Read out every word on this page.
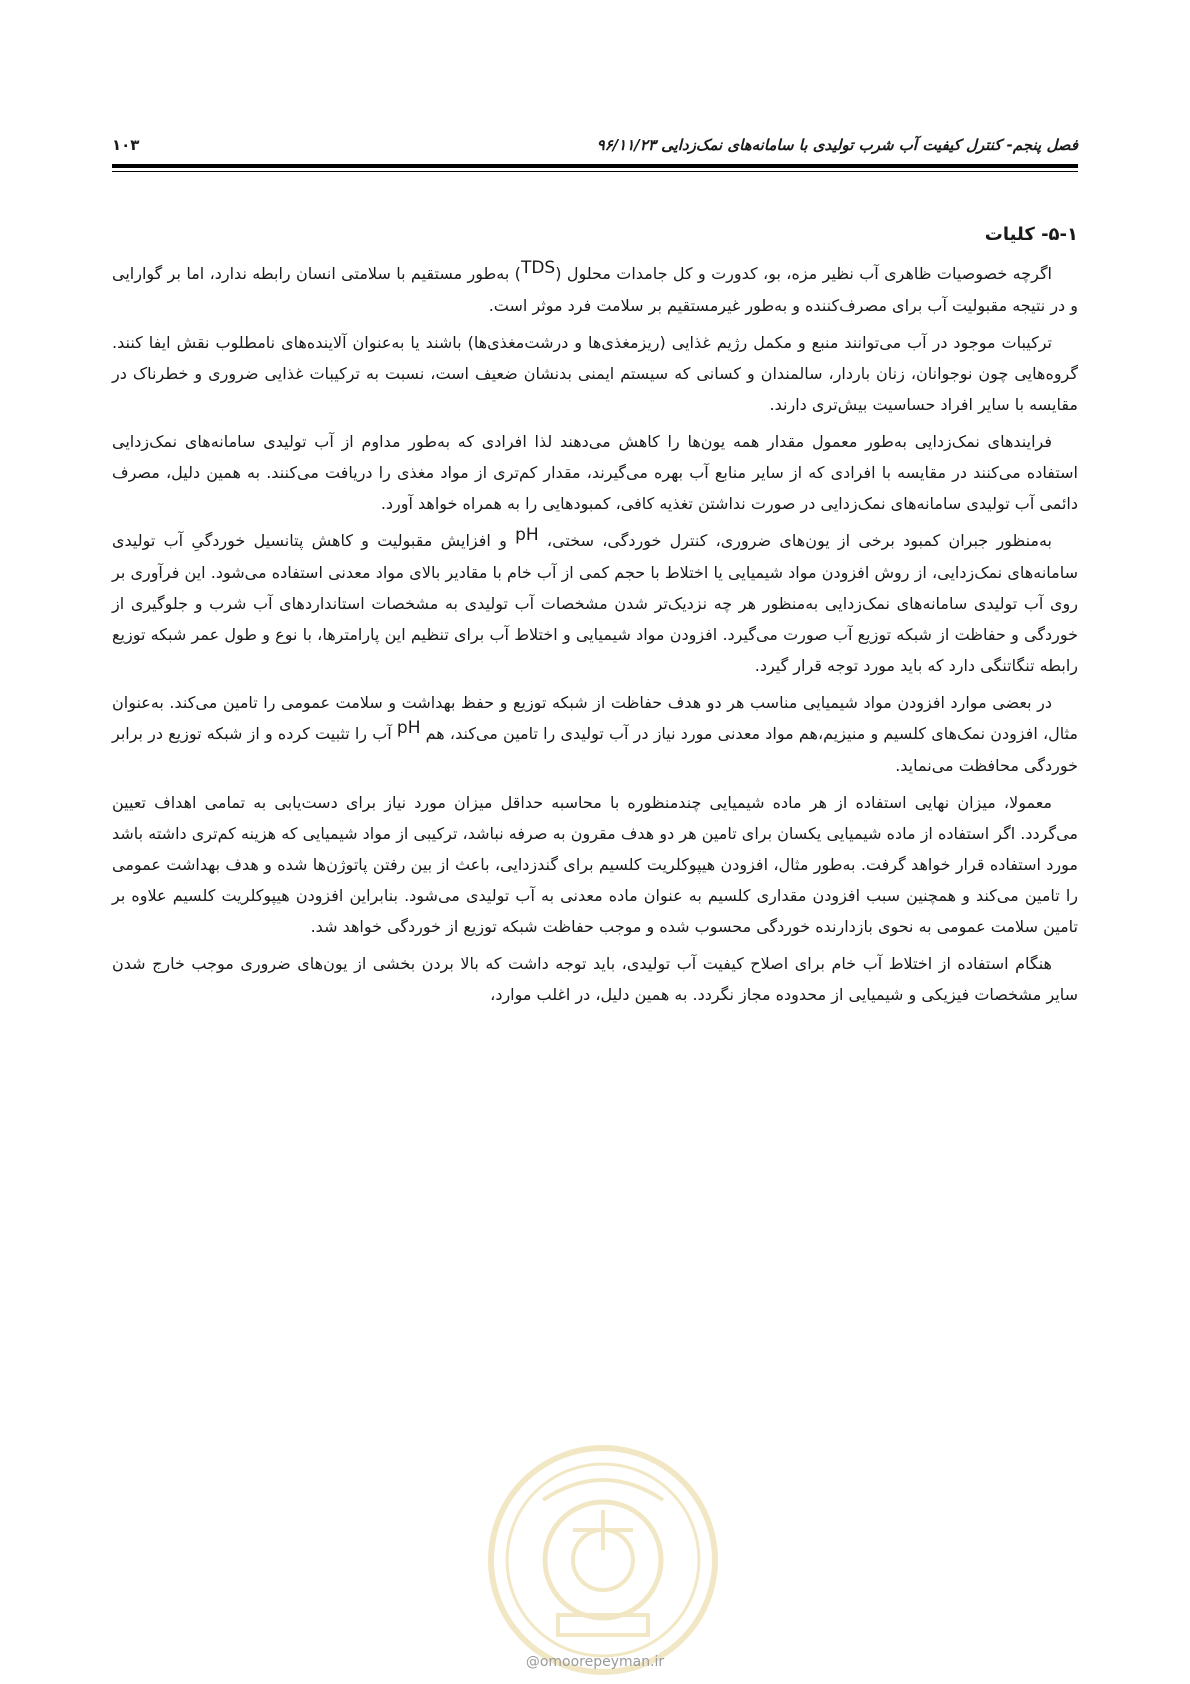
فصل پنجم- کنترل کیفیت آب شرب تولیدی با سامانه‌های نمک‌زدایی ۹۶/۱۱/۲۳
۱۰۳
۵-۱- کلیات

اگرچه خصوصیات ظاهری آب نظیر مزه، بو، کدورت و کل جامدات محلول (TDS) به‌طور مستقیم با سلامتی انسان رابطه ندارد، اما بر گوارایی و در نتیجه مقبولیت آب برای مصرف‌کننده و به‌طور غیرمستقیم بر سلامت فرد موثر است.

ترکیبات موجود در آب می‌توانند منبع و مکمل رژیم غذایی (ریزمغذی‌ها و درشت‌مغذی‌ها) باشند یا به‌عنوان آلاینده‌های نامطلوب نقش ایفا کنند. گروه‌هایی چون نوجوانان، زنان باردار، سالمندان و کسانی که سیستم ایمنی بدنشان ضعیف است، نسبت به ترکیبات غذایی ضروری و خطرناک در مقایسه با سایر افراد حساسیت بیش‌تری دارند.

فرایندهای نمک‌زدایی به‌طور معمول مقدار همه یون‌ها را کاهش می‌دهند لذا افرادی که به‌طور مداوم از آب تولیدی سامانه‌های نمک‌زدایی استفاده می‌کنند در مقایسه با افرادی که از سایر منابع آب بهره می‌گیرند، مقدار کم‌تری از مواد مغذی را دریافت می‌کنند. به همین دلیل، مصرف دائمی آب تولیدی سامانه‌های نمک‌زدایی در صورت نداشتن تغذیه کافی، کمبودهایی را به همراه خواهد آورد.

به‌منظور جبران کمبود برخی از یون‌های ضروری، کنترل خوردگی، سختی، pH و افزایش مقبولیت و کاهش پتانسیل خوردگیِ آب تولیدی سامانه‌های نمک‌زدایی، از روش افزودن مواد شیمیایی یا اختلاط با حجم کمی از آب خام با مقادیر بالای مواد معدنی استفاده می‌شود. این فرآوری بر روی آب تولیدی سامانه‌های نمک‌زدایی به‌منظور هر چه نزدیک‌تر شدن مشخصات آب تولیدی به مشخصات استانداردهای آب شرب و جلوگیری از خوردگی و حفاظت از شبکه توزیع آب صورت می‌گیرد. افزودن مواد شیمیایی و اختلاط آب برای تنظیم این پارامترها، با نوع و طول عمر شبکه توزیع رابطه تنگاتنگی دارد که باید مورد توجه قرار گیرد.

در بعضی موارد افزودن مواد شیمیایی مناسب هر دو هدف حفاظت از شبکه توزیع و حفظ بهداشت و سلامت عمومی را تامین می‌کند. به‌عنوان مثال، افزودن نمک‌های کلسیم و منیزیم،هم مواد معدنی مورد نیاز در آب تولیدی را تامین می‌کند، هم pH آب را تثبیت کرده و از شبکه توزیع در برابر خوردگی محافظت می‌نماید.

معمولا، میزان نهایی استفاده از هر ماده شیمیایی چندمنظوره با محاسبه حداقل میزان مورد نیاز برای دست‌یابی به تمامی اهداف تعیین می‌گردد. اگر استفاده از ماده شیمیایی یکسان برای تامین هر دو هدف مقرون به صرفه نباشد، ترکیبی از مواد شیمیایی که هزینه کم‌تری داشته باشد مورد استفاده قرار خواهد گرفت. به‌طور مثال، افزودن هیپوکلریت کلسیم برای گندزدایی، باعث از بین رفتن پاتوژن‌ها شده و هدف بهداشت عمومی را تامین می‌کند و همچنین سبب افزودن مقداری کلسیم به عنوان ماده معدنی به آب تولیدی می‌شود. بنابراین افزودن هیپوکلریت کلسیم علاوه بر تامین سلامت عمومی به نحوی بازدارنده خوردگی محسوب شده و موجب حفاظت شبکه توزیع از خوردگی خواهد شد.

هنگام استفاده از اختلاط آب خام برای اصلاح کیفیت آب تولیدی، باید توجه داشت که بالا بردن بخشی از یون‌های ضروری موجب خارج شدن سایر مشخصات فیزیکی و شیمیایی از محدوده مجاز نگردد. به همین دلیل، در اغلب موارد،

@omoorepeyman.ir
